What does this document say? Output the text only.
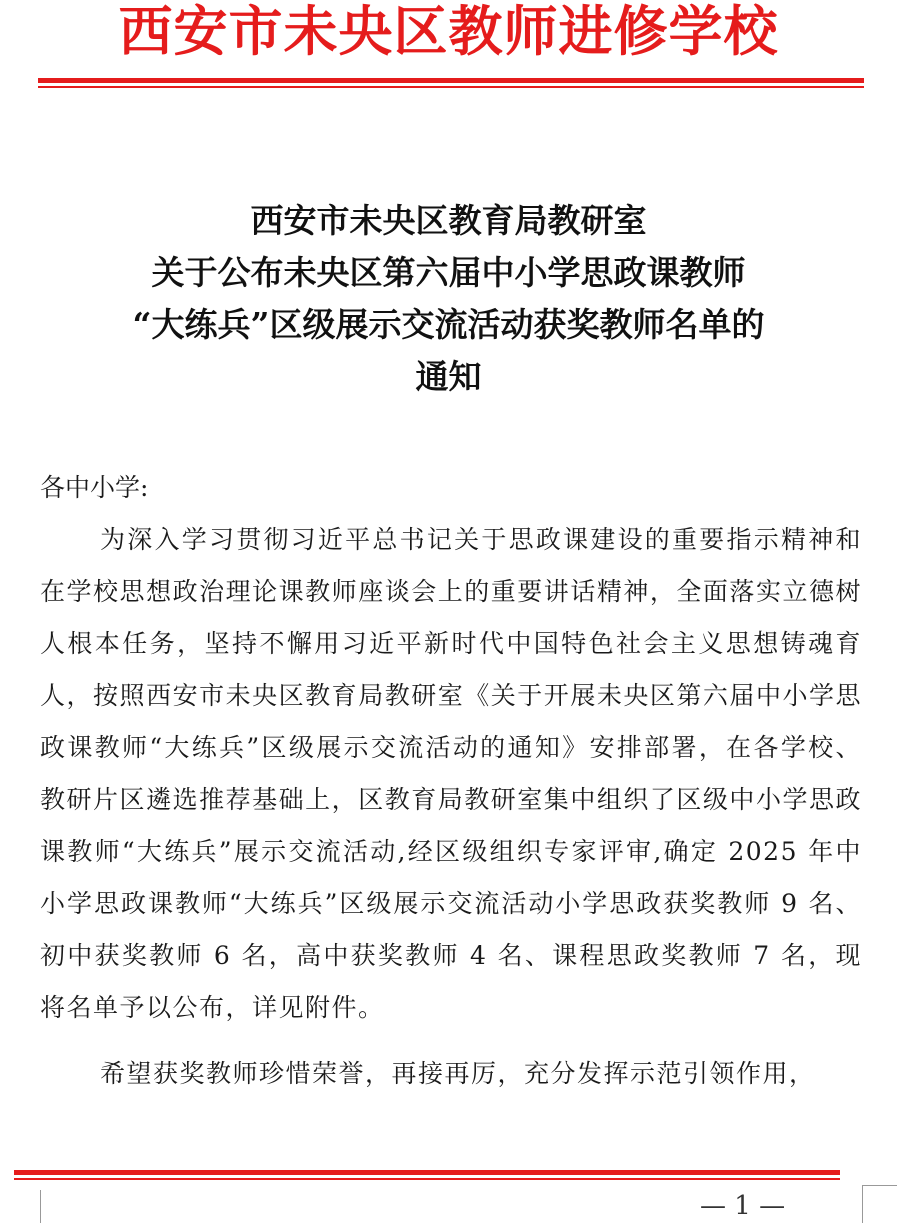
西安市未央区教师进修学校
西安市未央区教育局教研室
关于公布未央区第六届中小学思政课教师
“大练兵”区级展示交流活动获奖教师名单的
通知
各中小学:

为深入学习贯彻习近平总书记关于思政课建设的重要指示精神和在学校思想政治理论课教师座谈会上的重要讲话精神，全面落实立德树人根本任务，坚持不懈用习近平新时代中国特色社会主义思想铸魂育人，按照西安市未央区教育局教研室《关于开展未央区第六届中小学思政课教师“大练兵”区级展示交流活动的通知》安排部署，在各学校、教研片区遴选推荐基础上，区教育局教研室集中组织了区级中小学思政课教师“大练兵”展示交流活动,经区级组织专家评审,确定 2025 年中小学思政课教师“大练兵”区级展示交流活动小学思政获奖教师 9 名、初中获奖教师 6 名，高中获奖教师 4 名、课程思政奖教师 7 名，现将名单予以公布，详见附件。

希望获奖教师珍惜荣誉，再接再厉，充分发挥示范引领作用，

— 1 —
